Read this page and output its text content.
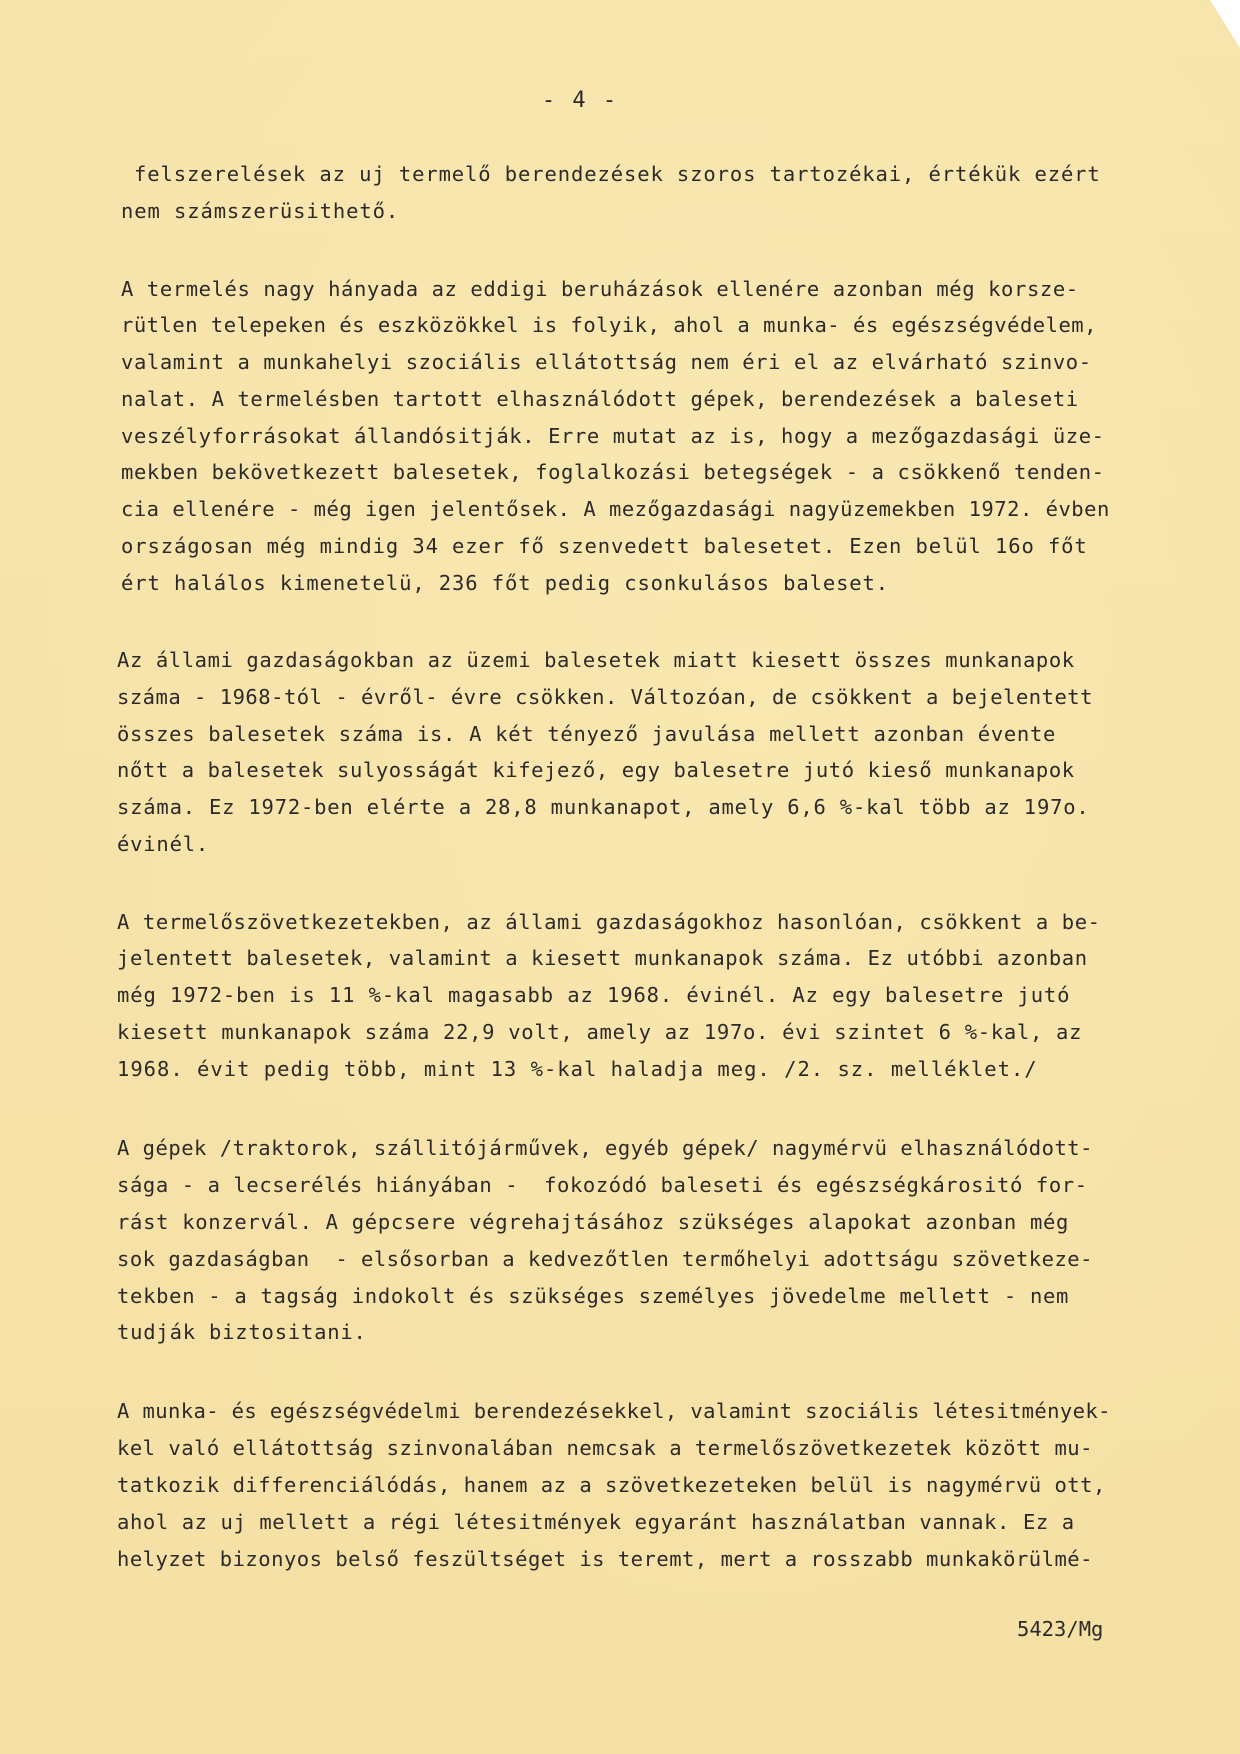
- 4 -
felszerelések az uj termelő berendezések szoros tartozékai, értékük ezért
nem számszerüsithető.
A termelés nagy hányada az eddigi beruházások ellenére azonban még korsze-
rütlen telepeken és eszközökkel is folyik, ahol a munka- és egészségvédelem,
valamint a munkahelyi szociális ellátottság nem éri el az elvárható szinvo-
nalat. A termelésben tartott elhasználódott gépek, berendezések a baleseti
veszélyforrásokat állandósitják. Erre mutat az is, hogy a mezőgazdasági üze-
mekben bekövetkezett balesetek, foglalkozási betegségek - a csökkenő tenden-
cia ellenére - még igen jelentősek. A mezőgazdasági nagyüzemekben 1972. évben
országosan még mindig 34 ezer fő szenvedett balesetet. Ezen belül 16o főt
ért halálos kimenetelü, 236 főt pedig csonkulásos baleset.
Az állami gazdaságokban az üzemi balesetek miatt kiesett összes munkanapok
száma - 1968-tól - évről- évre csökken. Változóan, de csökkent a bejelentett
összes balesetek száma is. A két tényező javulása mellett azonban évente
nőtt a balesetek sulyosságát kifejező, egy balesetre jutó kieső munkanapok
száma. Ez 1972-ben elérte a 28,8 munkanapot, amely 6,6 %-kal több az 197o.
évinél.
A termelőszövetkezetekben, az állami gazdaságokhoz hasonlóan, csökkent a be-
jelentett balesetek, valamint a kiesett munkanapok száma. Ez utóbbi azonban
még 1972-ben is 11 %-kal magasabb az 1968. évinél. Az egy balesetre jutó
kiesett munkanapok száma 22,9 volt, amely az 197o. évi szintet 6 %-kal, az
1968. évit pedig több, mint 13 %-kal haladja meg. /2. sz. melléklet./
A gépek /traktorok, szállitójárművek, egyéb gépek/ nagymérvü elhasználódott-
sága - a lecserélés hiányában -  fokozódó baleseti és egészségkárositó for-
rást konzervál. A gépcsere végrehajtásához szükséges alapokat azonban még
sok gazdaságban  - elsősorban a kedvezőtlen termőhelyi adottságu szövetkeze-
tekben - a tagság indokolt és szükséges személyes jövedelme mellett - nem
tudják biztositani.
A munka- és egészségvédelmi berendezésekkel, valamint szociális létesitmények-
kel való ellátottság szinvonalában nemcsak a termelőszövetkezetek között mu-
tatkozik differenciálódás, hanem az a szövetkezeteken belül is nagymérvü ott,
ahol az uj mellett a régi létesitmények egyaránt használatban vannak. Ez a
helyzet bizonyos belső feszültséget is teremt, mert a rosszabb munkakörülmé-
5423/Mg
